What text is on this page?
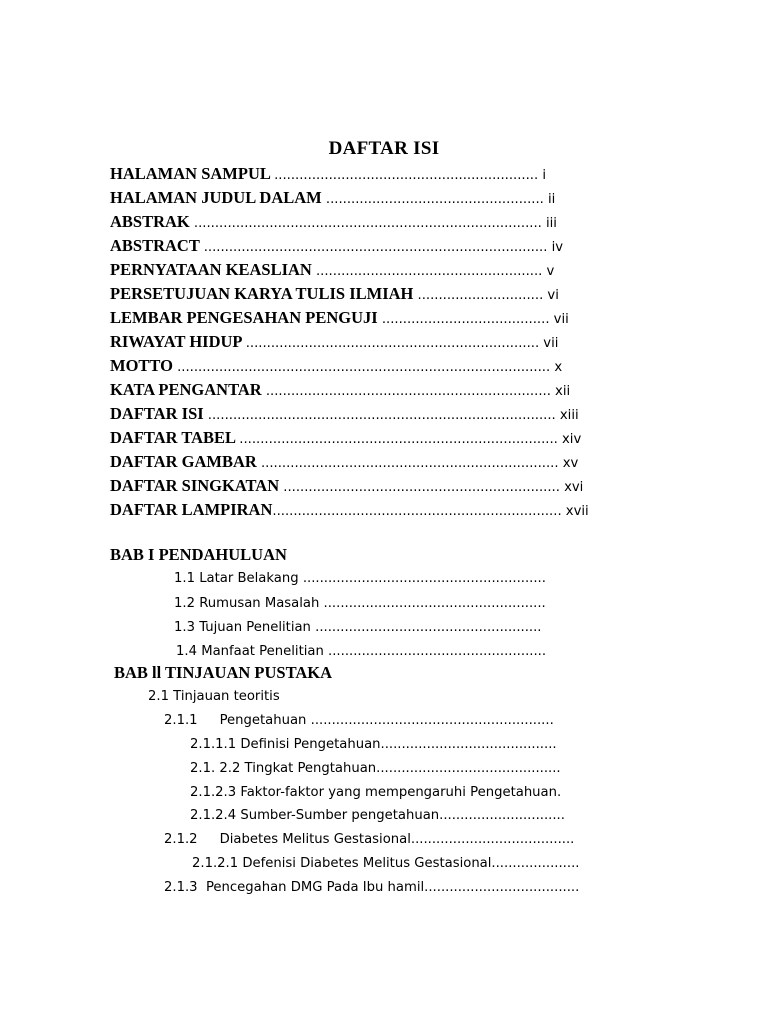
DAFTAR ISI
HALAMAN SAMPUL ............................................................... i
HALAMAN JUDUL DALAM .................................................... ii
ABSTRAK ................................................................................... iii
ABSTRACT .................................................................................. iv
PERNYATAAN KEASLIAN ...................................................... v
PERSETUJUAN KARYA TULIS ILMIAH .............................. vi
LEMBAR PENGESAHAN PENGUJI ........................................ vii
RIWAYAT HIDUP ...................................................................... vii
MOTTO ......................................................................................... x
KATA PENGANTAR .................................................................... xii
DAFTAR ISI ................................................................................... xiii
DAFTAR TABEL ............................................................................ xiv
DAFTAR GAMBAR ....................................................................... xv
DAFTAR SINGKATAN .................................................................. xvi
DAFTAR LAMPIRAN..................................................................... xvii
BAB I PENDAHULUAN
1.1 Latar Belakang ..........................................................
1.2 Rumusan Masalah .....................................................
1.3 Tujuan Penelitian ......................................................
1.4 Manfaat Penelitian ....................................................
BAB ll TINJAUAN PUSTAKA
2.1 Tinjauan teoritis
2.1.1 Pengetahuan ..........................................................
2.1.1.1 Definisi Pengetahuan..........................................
2.1. 2.2 Tingkat Pengtahuan............................................
2.1.2.3 Faktor-faktor yang mempengaruhi Pengetahuan.
2.1.2.4 Sumber-Sumber pengetahuan..............................
2.1.2 Diabetes Melitus Gestasional.......................................
2.1.2.1 Defenisi Diabetes Melitus Gestasional.....................
2.1.3 Pencegahan DMG Pada Ibu hamil.....................................
